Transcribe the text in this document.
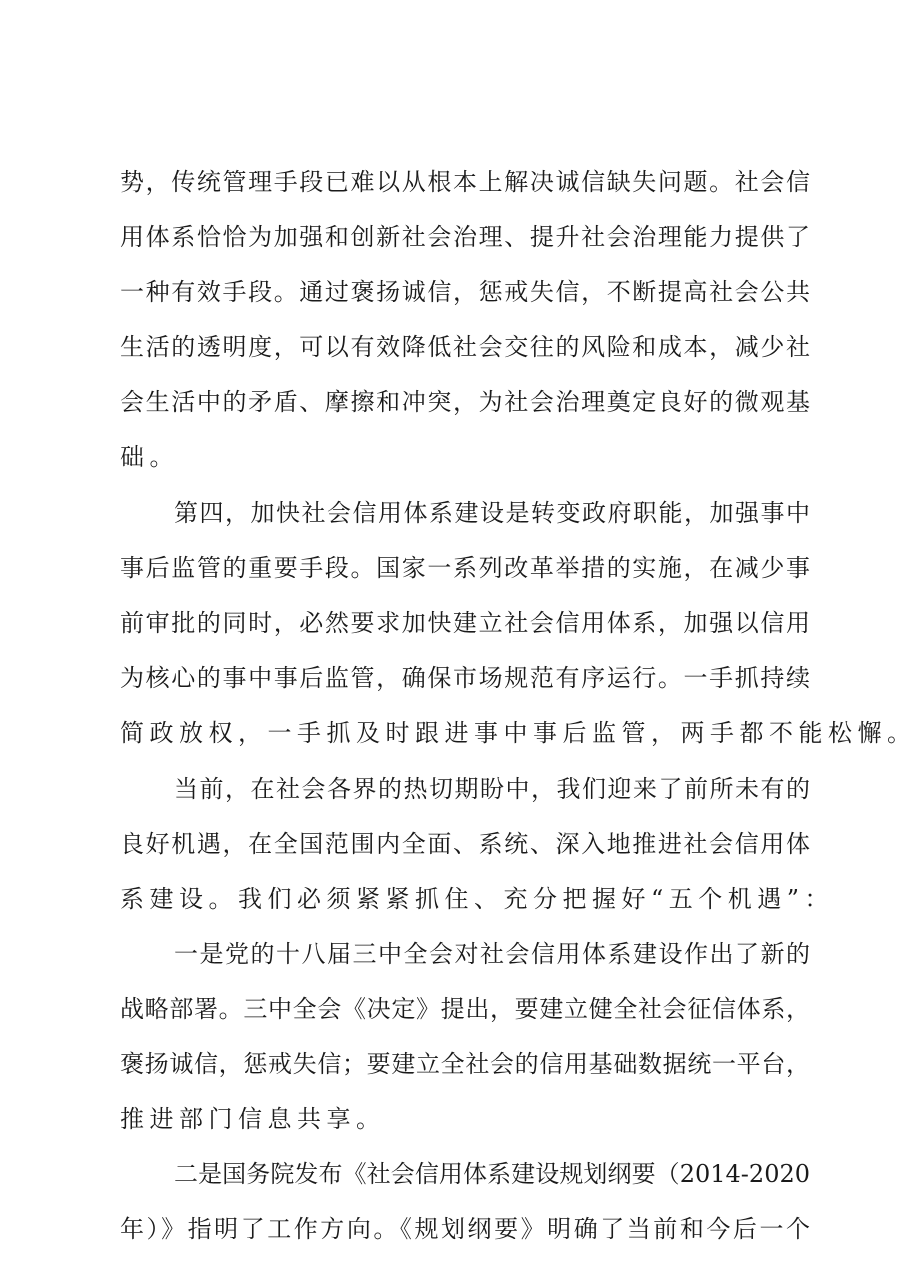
势，传统管理手段已难以从根本上解决诚信缺失问题。社会信
用体系恰恰为加强和创新社会治理、提升社会治理能力提供了
一种有效手段。通过褒扬诚信，惩戒失信，不断提高社会公共
生活的透明度，可以有效降低社会交往的风险和成本，减少社
会生活中的矛盾、摩擦和冲突，为社会治理奠定良好的微观基
础。
第四，加快社会信用体系建设是转变政府职能，加强事中
事后监管的重要手段。国家一系列改革举措的实施，在减少事
前审批的同时，必然要求加快建立社会信用体系，加强以信用
为核心的事中事后监管，确保市场规范有序运行。一手抓持续
简政放权，一手抓及时跟进事中事后监管，两手都不能松懈。
当前，在社会各界的热切期盼中，我们迎来了前所未有的
良好机遇，在全国范围内全面、系统、深入地推进社会信用体
系建设。我们必须紧紧抓住、充分把握好“五个机遇”：
一是党的十八届三中全会对社会信用体系建设作出了新的
战略部署。三中全会《决定》提出，要建立健全社会征信体系，
褒扬诚信，惩戒失信；要建立全社会的信用基础数据统一平台，
推进部门信息共享。
二是国务院发布《社会信用体系建设规划纲要（2014-2020
年）》指明了工作方向。《规划纲要》明确了当前和今后一个
